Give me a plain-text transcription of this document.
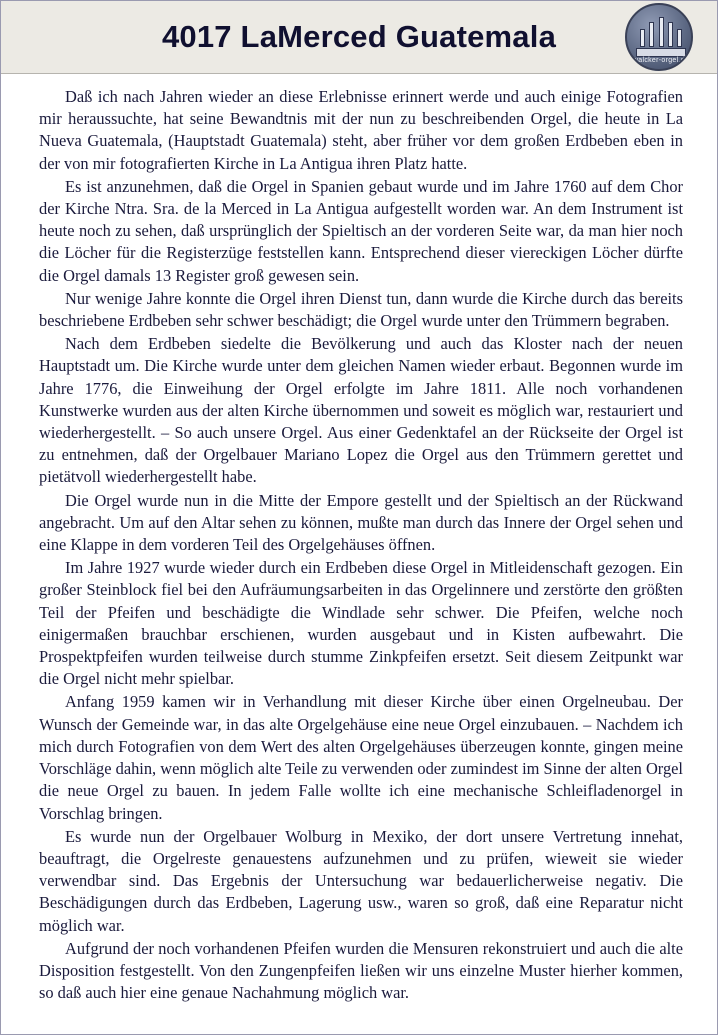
4017 LaMerced Guatemala
walcker-orgel.de

Daß ich nach Jahren wieder an diese Erlebnisse erinnert werde und auch einige Fotografien mir heraussuchte, hat seine Bewandtnis mit der nun zu beschreibenden Orgel, die heute in La Nueva Guatemala, (Hauptstadt Guatemala) steht, aber früher vor dem großen Erdbeben eben in der von mir fotografierten Kirche in La Antigua ihren Platz hatte.

Es ist anzunehmen, daß die Orgel in Spanien gebaut wurde und im Jahre 1760 auf dem Chor der Kirche Ntra. Sra. de la Merced in La Antigua aufgestellt worden war. An dem Instrument ist heute noch zu sehen, daß ursprünglich der Spieltisch an der vorderen Seite war, da man hier noch die Löcher für die Registerzüge feststellen kann. Entsprechend dieser viereckigen Löcher dürfte die Orgel damals 13 Register groß gewesen sein.

Nur wenige Jahre konnte die Orgel ihren Dienst tun, dann wurde die Kirche durch das bereits beschriebene Erdbeben sehr schwer beschädigt; die Orgel wurde unter den Trümmern begraben.

Nach dem Erdbeben siedelte die Bevölkerung und auch das Kloster nach der neuen Hauptstadt um. Die Kirche wurde unter dem gleichen Namen wieder erbaut. Begonnen wurde im Jahre 1776, die Einweihung der Orgel erfolgte im Jahre 1811. Alle noch vorhandenen Kunstwerke wurden aus der alten Kirche übernommen und soweit es möglich war, restauriert und wiederhergestellt. – So auch unsere Orgel. Aus einer Gedenktafel an der Rückseite der Orgel ist zu entnehmen, daß der Orgelbauer Mariano Lopez die Orgel aus den Trümmern gerettet und pietätvoll wiederhergestellt habe.

Die Orgel wurde nun in die Mitte der Empore gestellt und der Spieltisch an der Rückwand angebracht. Um auf den Altar sehen zu können, mußte man durch das Innere der Orgel sehen und eine Klappe in dem vorderen Teil des Orgelgehäuses öffnen.

Im Jahre 1927 wurde wieder durch ein Erdbeben diese Orgel in Mitleidenschaft gezogen. Ein großer Steinblock fiel bei den Aufräumungsarbeiten in das Orgelinnere und zerstörte den größten Teil der Pfeifen und beschädigte die Windlade sehr schwer. Die Pfeifen, welche noch einigermaßen brauchbar erschienen, wurden ausgebaut und in Kisten aufbewahrt. Die Prospektpfeifen wurden teilweise durch stumme Zinkpfeifen ersetzt. Seit diesem Zeitpunkt war die Orgel nicht mehr spielbar.

Anfang 1959 kamen wir in Verhandlung mit dieser Kirche über einen Orgelneubau. Der Wunsch der Gemeinde war, in das alte Orgelgehäuse eine neue Orgel einzubauen. – Nachdem ich mich durch Fotografien von dem Wert des alten Orgelgehäuses überzeugen konnte, gingen meine Vorschläge dahin, wenn möglich alte Teile zu verwenden oder zumindest im Sinne der alten Orgel die neue Orgel zu bauen. In jedem Falle wollte ich eine mechanische Schleifladenorgel in Vorschlag bringen.

Es wurde nun der Orgelbauer Wolburg in Mexiko, der dort unsere Vertretung innehat, beauftragt, die Orgelreste genauestens aufzunehmen und zu prüfen, wieweit sie wieder verwendbar sind. Das Ergebnis der Untersuchung war bedauerlicherweise negativ. Die Beschädigungen durch das Erdbeben, Lagerung usw., waren so groß, daß eine Reparatur nicht möglich war.

Aufgrund der noch vorhandenen Pfeifen wurden die Mensuren rekonstruiert und auch die alte Disposition festgestellt. Von den Zungenpfeifen ließen wir uns einzelne Muster hierher kommen, so daß auch hier eine genaue Nachahmung möglich war.
